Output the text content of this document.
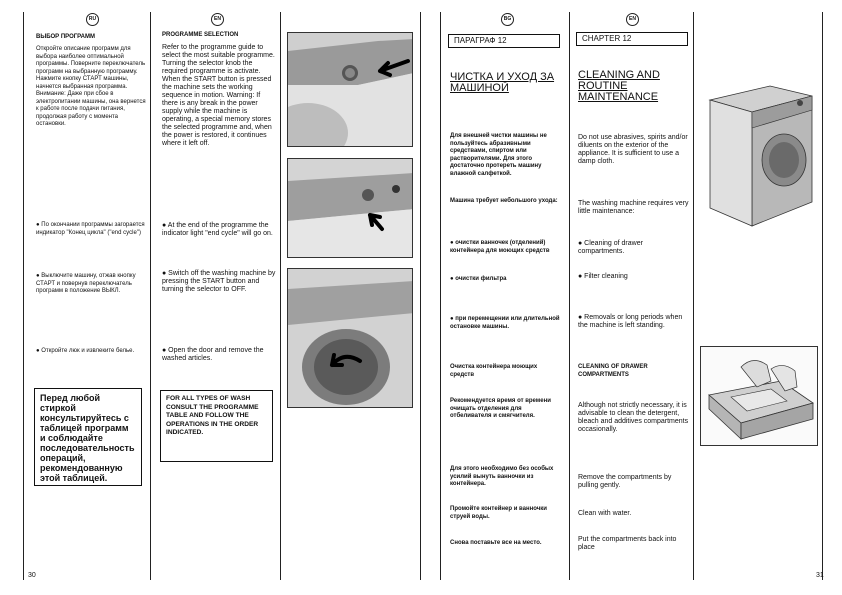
RU	EN
ВЫБОР ПРОГРАММ
Откройте описание программ для выбора наиболее оптимальной программы. Поверните переключатель программ на выбранную программу. Нажмите кнопку СТАРТ машины, начнется выбранная программа. Внимание: Даже при сбое в электропитании машины, она вернется к работе после подачи питания, продолжая работу с момента остановки.
● По окончании программы загорается индикатор "Конец цикла" ("end cycle")
● Выключите машину, отжав кнопку СТАРТ и повернув переключатель программ в положение ВЫКЛ.
● Откройте люк и извлеките белье.
Перед любой стиркой консультируйтесь с таблицей программ и соблюдайте последовательность операций, рекомендованную этой таблицей.
PROGRAMME SELECTION
Refer to the programme guide to select the most suitable programme. Turning the selector knob the required programme is activate. When the START button is pressed the machine sets the working sequence in motion. Warning: If there is any break in the power supply while the machine is operating, a special memory stores the selected programme and, when the power is restored, it continues where it left off.
● At the end of the programme the indicator light "end cycle" will go on.
● Switch off the washing machine by pressing the START button and turning the selector to OFF.
● Open the door and remove the washed articles.
FOR ALL TYPES OF WASH CONSULT THE PROGRAMME TABLE AND FOLLOW THE OPERATIONS IN THE ORDER INDICATED.
30
BG	EN
ПАРАГРАФ 12
ЧИСТКА И УХОД ЗА МАШИНОЙ
Для внешней чистки машины не пользуйтесь абразивными средствами, спиртом или растворителями. Для этого достаточно протереть машину влажной салфеткой.
Машина требует небольшого ухода:
● очистки ванночек (отделений) контейнера для моющих средств
● очистки фильтра
● при перемещении или длительной остановке машины.
Очистка контейнера моющих средств
Рекомендуется время от времени очищать отделения для отбеливателя и смягчителя.
Для этого необходимо без особых усилий вынуть ванночки из контейнера.
Промойте контейнер и ванночки струей воды.
Снова поставьте все на место.
CHAPTER 12
CLEANING AND ROUTINE MAINTENANCE
Do not use abrasives, spirits and/or diluents on the exterior of the appliance. It is sufficient to use a damp cloth.
The washing machine requires very little maintenance:
● Cleaning of drawer compartments.
● Filter cleaning
● Removals or long periods when the machine is left standing.
CLEANING OF DRAWER COMPARTMENTS
Although not strictly necessary, it is advisable to clean the detergent, bleach and additives compartments occasionally.
Remove the compartments by pulling gently.
Clean with water.
Put the compartments back into place
31
